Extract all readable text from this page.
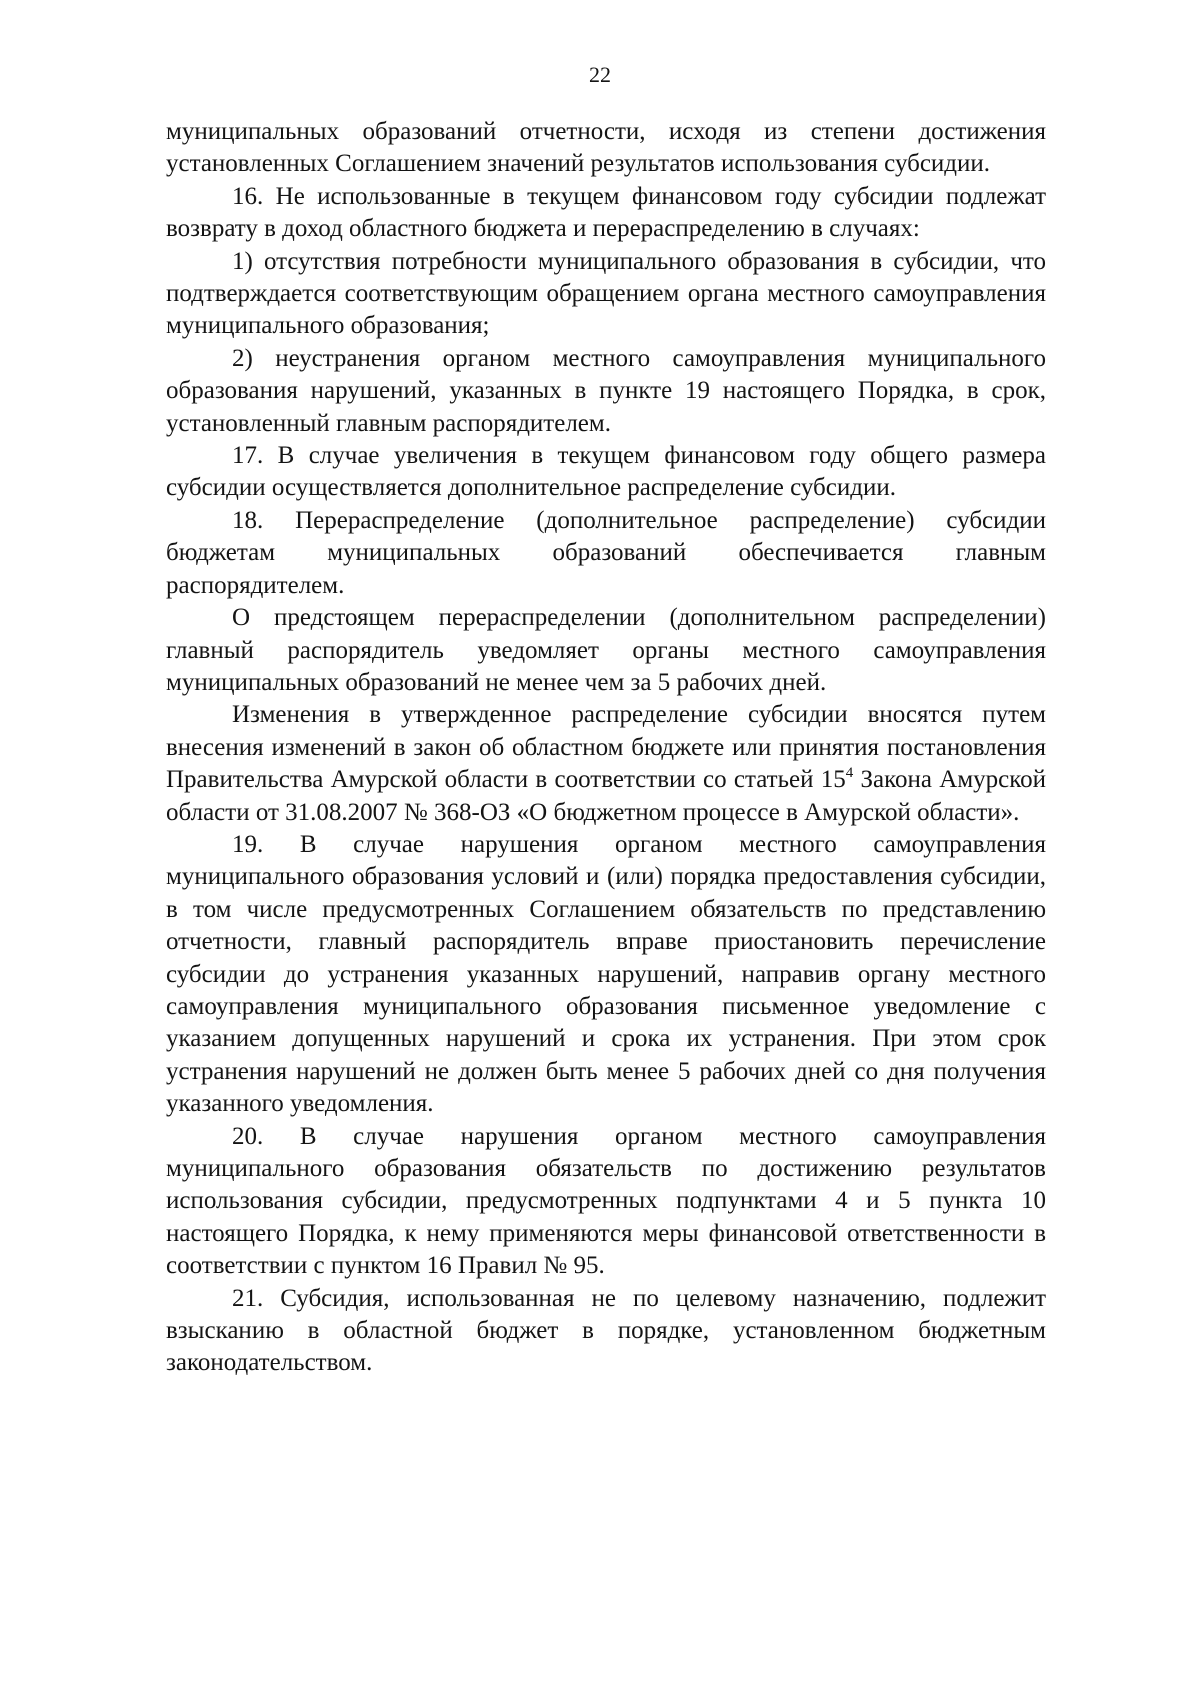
22

муниципальных образований отчетности, исходя из степени достижения установленных Соглашением значений результатов использования субсидии.

16. Не использованные в текущем финансовом году субсидии подлежат возврату в доход областного бюджета и перераспределению в случаях:

1) отсутствия потребности муниципального образования в субсидии, что подтверждается соответствующим обращением органа местного самоуправления муниципального образования;

2) неустранения органом местного самоуправления муниципального образования нарушений, указанных в пункте 19 настоящего Порядка, в срок, установленный главным распорядителем.

17. В случае увеличения в текущем финансовом году общего размера субсидии осуществляется дополнительное распределение субсидии.

18. Перераспределение (дополнительное распределение) субсидии бюджетам муниципальных образований обеспечивается главным распорядителем.

О предстоящем перераспределении (дополнительном распределении) главный распорядитель уведомляет органы местного самоуправления муниципальных образований не менее чем за 5 рабочих дней.

Изменения в утвержденное распределение субсидии вносятся путем внесения изменений в закон об областном бюджете или принятия постановления Правительства Амурской области в соответствии со статьей $15^4$ Закона Амурской области от 31.08.2007 № 368-ОЗ «О бюджетном процессе в Амурской области».

19. В случае нарушения органом местного самоуправления муниципального образования условий и (или) порядка предоставления субсидии, в том числе предусмотренных Соглашением обязательств по представлению отчетности, главный распорядитель вправе приостановить перечисление субсидии до устранения указанных нарушений, направив органу местного самоуправления муниципального образования письменное уведомление с указанием допущенных нарушений и срока их устранения. При этом срок устранения нарушений не должен быть менее 5 рабочих дней со дня получения указанного уведомления.

20. В случае нарушения органом местного самоуправления муниципального образования обязательств по достижению результатов использования субсидии, предусмотренных подпунктами 4 и 5 пункта 10 настоящего Порядка, к нему применяются меры финансовой ответственности в соответствии с пунктом 16 Правил № 95.

21. Субсидия, использованная не по целевому назначению, подлежит взысканию в областной бюджет в порядке, установленном бюджетным законодательством.
